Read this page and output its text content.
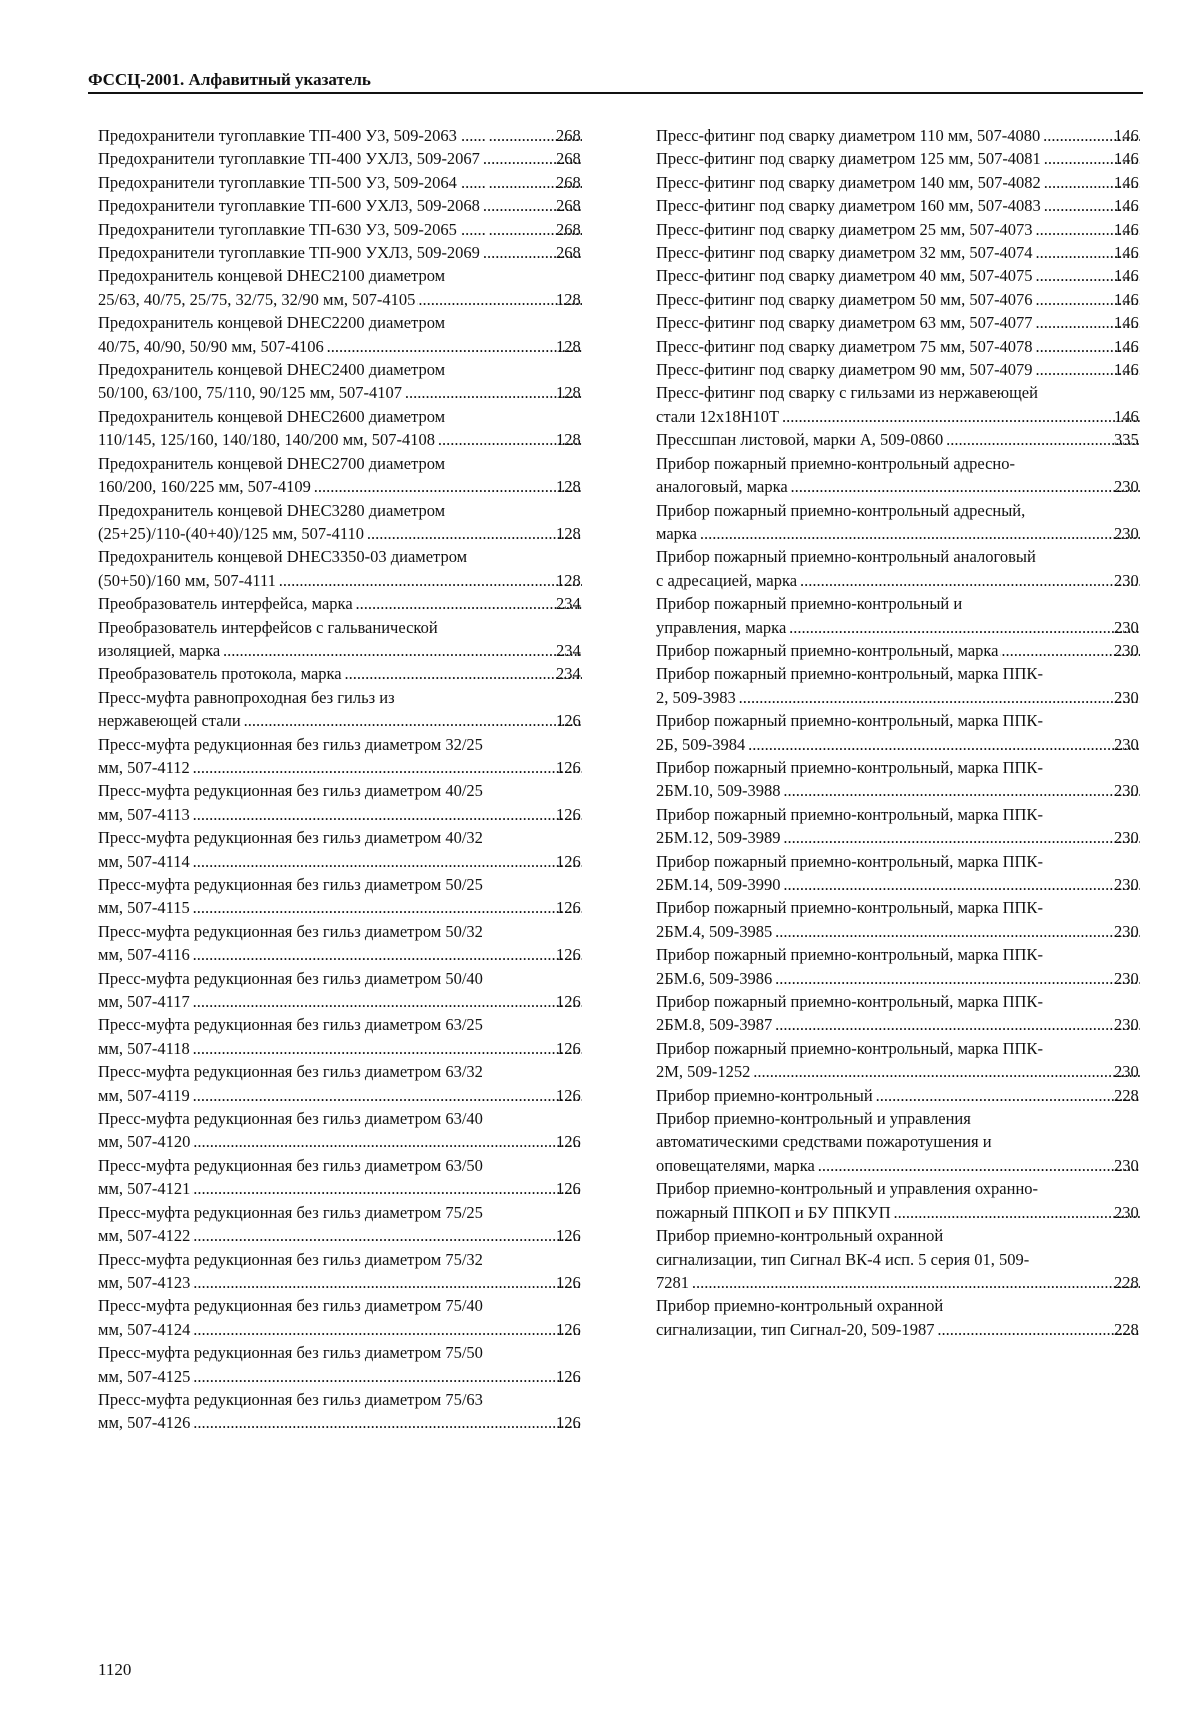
ФССЦ-2001. Алфавитный указатель
Предохранители тугоплавкие ТП-400 У3, 509-2063 ...... .....	268
Предохранители тугоплавкие ТП-400 УХЛ3, 509-2067 .....	268
Предохранители тугоплавкие ТП-500 У3, 509-2064 ...... .....	268
Предохранители тугоплавкие ТП-600 УХЛ3, 509-2068 .....	268
Предохранители тугоплавкие ТП-630 У3, 509-2065 ...... .....	268
Предохранители тугоплавкие ТП-900 УХЛ3, 509-2069 .....	268
Предохранитель концевой DHEC2100 диаметром
25/63, 40/75, 25/75, 32/75, 32/90 мм, 507-4105 .....	128
Предохранитель концевой DHEC2200 диаметром
40/75, 40/90, 50/90 мм, 507-4106 .....	128
Предохранитель концевой DHEC2400 диаметром
50/100, 63/100, 75/110, 90/125 мм, 507-4107 .....	128
Предохранитель концевой DHEC2600 диаметром
110/145, 125/160, 140/180, 140/200 мм, 507-4108 .....	128
Предохранитель концевой DHEC2700 диаметром
160/200, 160/225 мм, 507-4109 .....	128
Предохранитель концевой DHEC3280 диаметром
(25+25)/110-(40+40)/125 мм, 507-4110 .....	128
Предохранитель концевой DHEC3350-03 диаметром
(50+50)/160 мм, 507-4111 .....	128
Преобразователь интерфейса, марка .....	234
Преобразователь интерфейсов с гальванической
изоляцией, марка .....	234
Преобразователь протокола, марка .....	234
Пресс-муфта равнопроходная без гильз из
нержавеющей стали .....	126
Пресс-муфта редукционная без гильз диаметром 32/25
мм, 507-4112 .....	126
Пресс-муфта редукционная без гильз диаметром 40/25
мм, 507-4113 .....	126
Пресс-муфта редукционная без гильз диаметром 40/32
мм, 507-4114 .....	126
Пресс-муфта редукционная без гильз диаметром 50/25
мм, 507-4115 .....	126
Пресс-муфта редукционная без гильз диаметром 50/32
мм, 507-4116 .....	126
Пресс-муфта редукционная без гильз диаметром 50/40
мм, 507-4117 .....	126
Пресс-муфта редукционная без гильз диаметром 63/25
мм, 507-4118 .....	126
Пресс-муфта редукционная без гильз диаметром 63/32
мм, 507-4119 .....	126
Пресс-муфта редукционная без гильз диаметром 63/40
мм, 507-4120 .....	126
Пресс-муфта редукционная без гильз диаметром 63/50
мм, 507-4121 .....	126
Пресс-муфта редукционная без гильз диаметром 75/25
мм, 507-4122 .....	126
Пресс-муфта редукционная без гильз диаметром 75/32
мм, 507-4123 .....	126
Пресс-муфта редукционная без гильз диаметром 75/40
мм, 507-4124 .....	126
Пресс-муфта редукционная без гильз диаметром 75/50
мм, 507-4125 .....	126
Пресс-муфта редукционная без гильз диаметром 75/63
мм, 507-4126 .....	126
Пресс-фитинг под сварку диаметром 110 мм, 507-4080 .....	146
Пресс-фитинг под сварку диаметром 125 мм, 507-4081 .....	146
Пресс-фитинг под сварку диаметром 140 мм, 507-4082 .....	146
Пресс-фитинг под сварку диаметром 160 мм, 507-4083 .....	146
Пресс-фитинг под сварку диаметром 25 мм, 507-4073 .....	146
Пресс-фитинг под сварку диаметром 32 мм, 507-4074 .....	146
Пресс-фитинг под сварку диаметром 40 мм, 507-4075 .....	146
Пресс-фитинг под сварку диаметром 50 мм, 507-4076 .....	146
Пресс-фитинг под сварку диаметром 63 мм, 507-4077 .....	146
Пресс-фитинг под сварку диаметром 75 мм, 507-4078 .....	146
Пресс-фитинг под сварку диаметром 90 мм, 507-4079 .....	146
Пресс-фитинг под сварку с гильзами из нержавеющей
стали 12х18Н10Т .....	146
Прессшпан листовой, марки А, 509-0860 .....	335
Прибор пожарный приемно-контрольный адресно-
аналоговый, марка .....	230
Прибор пожарный приемно-контрольный адресный,
марка .....	230
Прибор пожарный приемно-контрольный аналоговый
с адресацией, марка .....	230
Прибор пожарный приемно-контрольный и
управления, марка .....	230
Прибор пожарный приемно-контрольный, марка .....	230
Прибор пожарный приемно-контрольный, марка ППК-
2, 509-3983 .....	230
Прибор пожарный приемно-контрольный, марка ППК-
2Б, 509-3984 .....	230
Прибор пожарный приемно-контрольный, марка ППК-
2БМ.10, 509-3988 .....	230
Прибор пожарный приемно-контрольный, марка ППК-
2БМ.12, 509-3989 .....	230
Прибор пожарный приемно-контрольный, марка ППК-
2БМ.14, 509-3990 .....	230
Прибор пожарный приемно-контрольный, марка ППК-
2БМ.4, 509-3985 .....	230
Прибор пожарный приемно-контрольный, марка ППК-
2БМ.6, 509-3986 .....	230
Прибор пожарный приемно-контрольный, марка ППК-
2БМ.8, 509-3987 .....	230
Прибор пожарный приемно-контрольный, марка ППК-
2М, 509-1252 .....	230
Прибор приемно-контрольный .....	228
Прибор приемно-контрольный и управления
автоматическими средствами пожаротушения и
оповещателями, марка .....	230
Прибор приемно-контрольный и управления охранно-
пожарный ППКОП и БУ ППКУП .....	230
Прибор приемно-контрольный охранной
сигнализации, тип Сигнал ВК-4 исп. 5 серия 01, 509-
7281 .....	228
Прибор приемно-контрольный охранной
сигнализации, тип Сигнал-20, 509-1987 .....	228
1120
